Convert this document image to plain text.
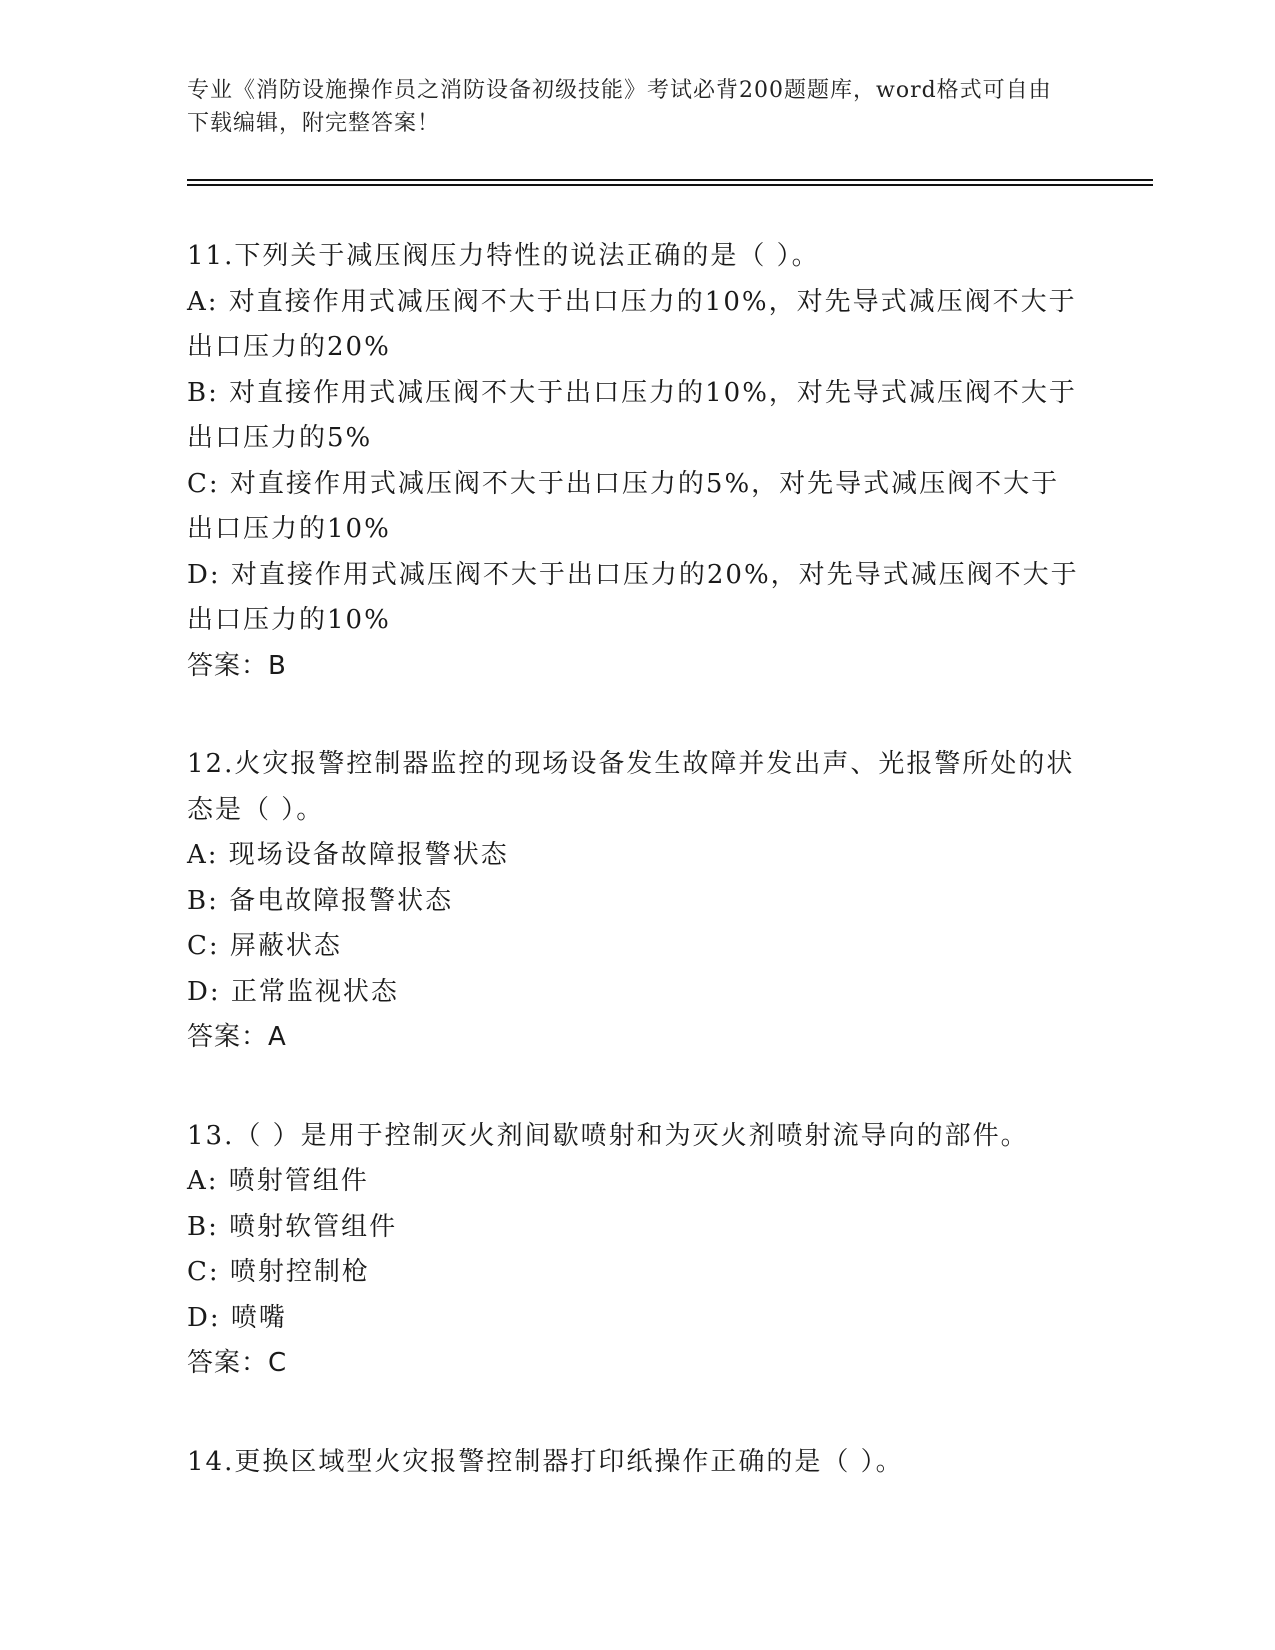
专业《消防设施操作员之消防设备初级技能》考试必背200题题库，word格式可自由下载编辑，附完整答案！

11.下列关于减压阀压力特性的说法正确的是（ ）。

A: 对直接作用式减压阀不大于出口压力的10%，对先导式减压阀不大于出口压力的20%

B: 对直接作用式减压阀不大于出口压力的10%，对先导式减压阀不大于出口压力的5%

C: 对直接作用式减压阀不大于出口压力的5%，对先导式减压阀不大于出口压力的10%

D: 对直接作用式减压阀不大于出口压力的20%，对先导式减压阀不大于出口压力的10%

答案：B

12.火灾报警控制器监控的现场设备发生故障并发出声、光报警所处的状态是（ ）。

A: 现场设备故障报警状态

B: 备电故障报警状态

C: 屏蔽状态

D: 正常监视状态

答案：A

13.（ ）是用于控制灭火剂间歇喷射和为灭火剂喷射流导向的部件。

A: 喷射管组件

B: 喷射软管组件

C: 喷射控制枪

D: 喷嘴

答案：C

14.更换区域型火灾报警控制器打印纸操作正确的是（ ）。
